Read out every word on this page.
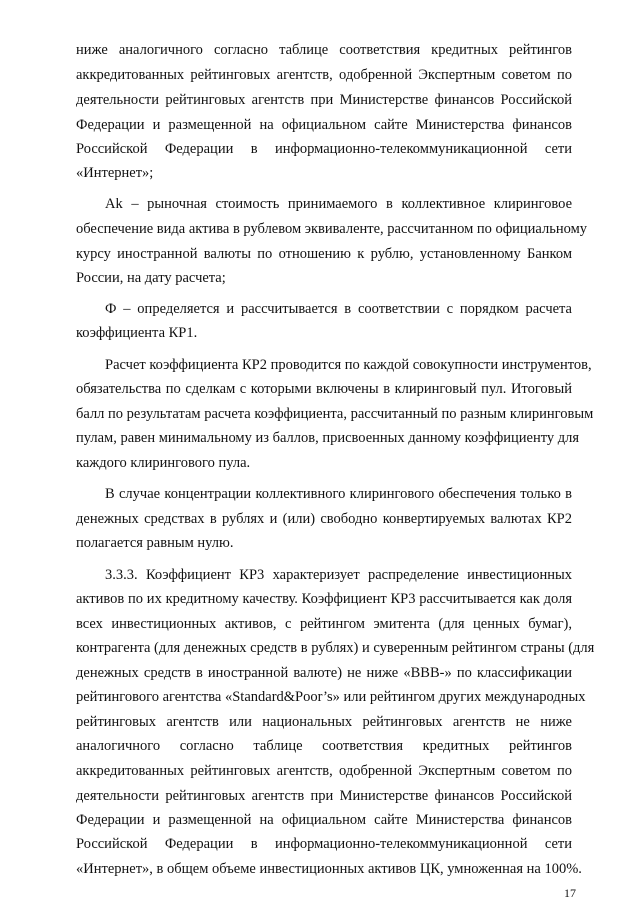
ниже аналогичного согласно таблице соответствия кредитных рейтингов
аккредитованных рейтинговых агентств, одобренной Экспертным советом по
деятельности рейтинговых агентств при Министерстве финансов Российской
Федерации и размещенной на официальном сайте Министерства финансов
Российской Федерации в информационно-телекоммуникационной сети
«Интернет»;
Ak – рыночная стоимость принимаемого в коллективное клиринговое
обеспечение вида актива в рублевом эквиваленте, рассчитанном по официальному
курсу иностранной валюты по отношению к рублю, установленному Банком
России, на дату расчета;
Ф – определяется и рассчитывается в соответствии с порядком расчета
коэффициента КР1.
Расчет коэффициента КР2 проводится по каждой совокупности инструментов,
обязательства по сделкам с которыми включены в клиринговый пул. Итоговый
балл по результатам расчета коэффициента, рассчитанный по разным клиринговым
пулам, равен минимальному из баллов, присвоенных данному коэффициенту для
каждого клирингового пула.
В случае концентрации коллективного клирингового обеспечения только в
денежных средствах в рублях и (или) свободно конвертируемых валютах КР2
полагается равным нулю.
3.3.3. Коэффициент КР3 характеризует распределение инвестиционных
активов по их кредитному качеству. Коэффициент КР3 рассчитывается как доля
всех инвестиционных активов, с рейтингом эмитента (для ценных бумаг),
контрагента (для денежных средств в рублях) и суверенным рейтингом страны (для
денежных средств в иностранной валюте) не ниже «BBB-» по классификации
рейтингового агентства «Standard&Poor’s» или рейтингом других международных
рейтинговых агентств или национальных рейтинговых агентств не ниже
аналогичного согласно таблице соответствия кредитных рейтингов
аккредитованных рейтинговых агентств, одобренной Экспертным советом по
деятельности рейтинговых агентств при Министерстве финансов Российской
Федерации и размещенной на официальном сайте Министерства финансов
Российской Федерации в информационно-телекоммуникационной сети
«Интернет», в общем объеме инвестиционных активов ЦК, умноженная на 100%.
17
